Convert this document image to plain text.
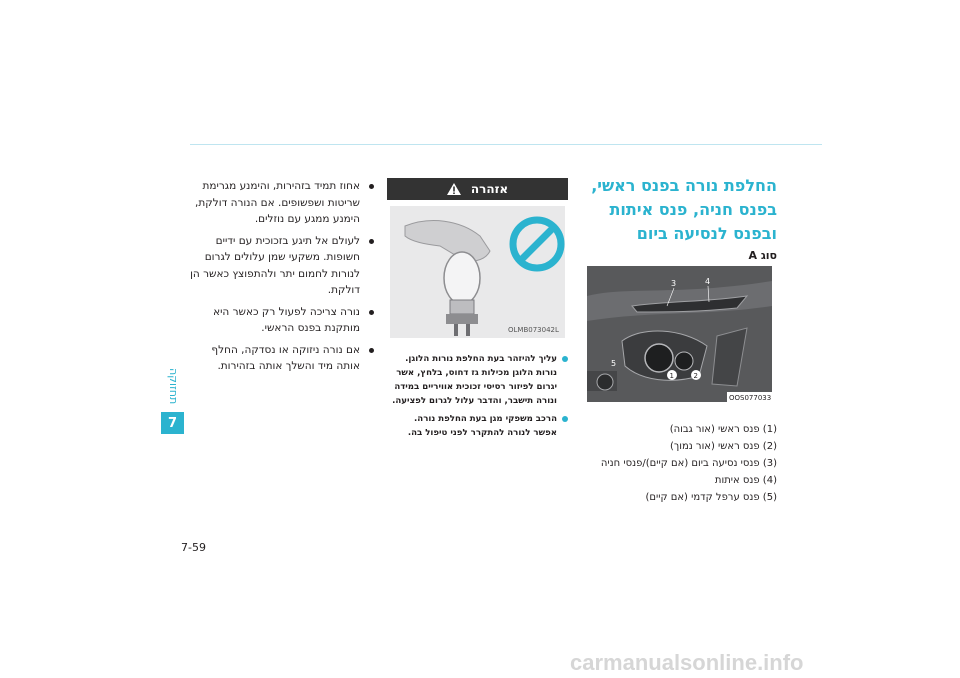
תחזוקה
7
7-59
אחוז תמיד בזהירות, והימנע מגרימת שריטות ושפשופים. אם הנורה דולקת, הימנע ממגע עם נוזלים.
לעולם אל תיגע בזכוכית עם ידיים חשופות. משקעי שמן עלולים לגרום לנורות לחמום יתר ולהתפוצץ כאשר הן דולקת.
נורה צריכה לפעול רק כאשר היא מותקנת בפנס הראשי.
אם נורה ניזוקה או נסדקה, החלף אותה מיד והשלך אותה בזהירות.
אזהרה
OLMB073042L
עליך להיזהר בעת החלפת נורות הלוגן. נורות הלוגן מכילות גז דחוס, בלחץ, אשר יגרום לפיזור רסיסי זכוכית אוויריים במידה ונורה תישבר, והדבר עלול לגרום לפציעה.
הרכב משפקי מגן בעת החלפת נורה. אפשר לנורה להתקרר לפני טיפול בה.
החלפת נורה בפנס ראשי, בפנס חניה, פנס איתות ובפנס לנסיעה ביום
סוג A
1	2
3	4
5
OOS077033
(1) פנס ראשי (אור גבוה)
(2) פנס ראשי (אור נמוך)
(3) פנסי נסיעה ביום (אם קיים)/פנסי חניה
(4) פנס איתות
(5) פנס ערפל קדמי (אם קיים)
carmanualsonline.info
